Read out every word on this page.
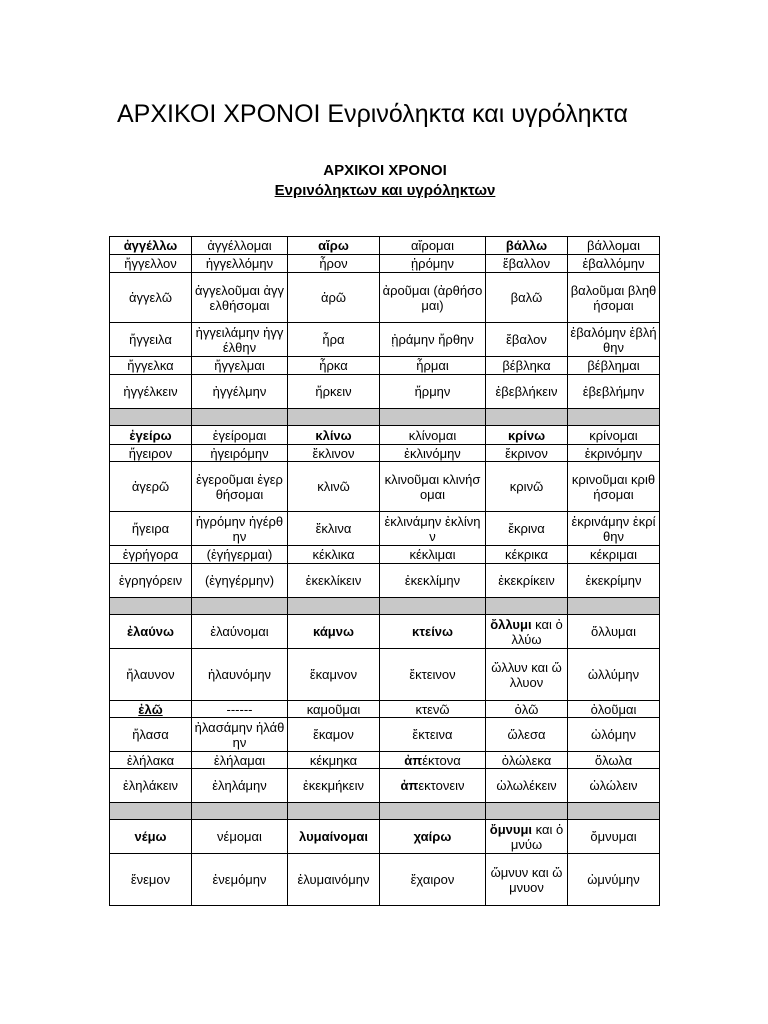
ΑΡΧΙΚΟΙ ΧΡΟΝΟΙ Ενρινόληκτα και υγρόληκτα
ΑΡΧΙΚΟΙ ΧΡΟΝΟΙ
Ενρινόληκτων και υγρόληκτων
ἀγγέλλω	ἀγγέλλομαι	αἴρω	αἴρομαι	βάλλω	βάλλομαι
ἤγγελλον	ἠγγελλόμην	ἦρον	ᾐρόμην	ἔβαλλον	ἐβαλλόμην
ἀγγελῶ	ἀγγελοῦμαι ἀγγελθήσομαι	ἀρῶ	ἀροῦμαι (ἀρθήσομαι)	βαλῶ	βαλοῦμαι βληθήσομαι
ἤγγειλα	ἠγγειλάμην ἠγγέλθην	ἦρα	ᾐράμην ἤρθην	ἔβαλον	ἐβαλόμην ἐβλήθην
ἤγγελκα	ἤγγελμαι	ἦρκα	ἦρμαι	βέβληκα	βέβλημαι
ἠγγέλκειν	ἠγγέλμην	ἤρκειν	ἤρμην	ἐβεβλήκειν	ἐβεβλήμην

ἐγείρω	ἐγείρομαι	κλίνω	κλίνομαι	κρίνω	κρίνομαι
ἤγειρον	ἠγειρόμην	ἔκλινον	ἐκλινόμην	ἔκρινον	ἐκρινόμην
ἀγερῶ	ἐγεροῦμαι ἐγερθήσομαι	κλινῶ	κλινοῦμαι κλινήσομαι	κρινῶ	κρινοῦμαι κριθήσομαι
ἤγειρα	ἠγρόμην ἠγέρθην	ἔκλινα	ἐκλινάμην ἐκλίνην	ἔκρινα	ἐκρινάμην ἐκρίθην
ἐγρήγορα	(ἐγήγερμαι)	κέκλικα	κέκλιμαι	κέκρικα	κέκριμαι
ἐγρηγόρειν	(ἐγηγέρμην)	ἐκεκλίκειν	ἐκεκλίμην	ἐκεκρίκειν	ἐκεκρίμην

ἐλαύνω	ἐλαύνομαι	κάμνω	κτείνω	ὄλλυμι και ὀλλύω	ὄλλυμαι
ἤλαυνον	ἠλαυνόμην	ἔκαμνον	ἔκτεινον	ὤλλυν και ὤλλυον	ὠλλύμην
ἐλῶ	------	καμοῦμαι	κτενῶ	ὀλῶ	ὀλοῦμαι
ἤλασα	ἠλασάμην ἠλάθην	ἔκαμον	ἔκτεινα	ὤλεσα	ὠλόμην
ἐλήλακα	ἐλήλαμαι	κέκμηκα	ἀπέκτονα	ὀλώλεκα	ὄλωλα
ἐληλάκειν	ἐληλάμην	ἐκεκμήκειν	ἀπεκτονειν	ὠλωλέκειν	ὠλώλειν

νέμω	νέμομαι	λυμαίνομαι	χαίρω	ὄμνυμι και ὀμνύω	ὄμνυμαι
ἔνεμον	ἐνεμόμην	ἐλυμαινόμην	ἔχαιρον	ὤμνυν και ὤμνυον	ὠμνύμην
